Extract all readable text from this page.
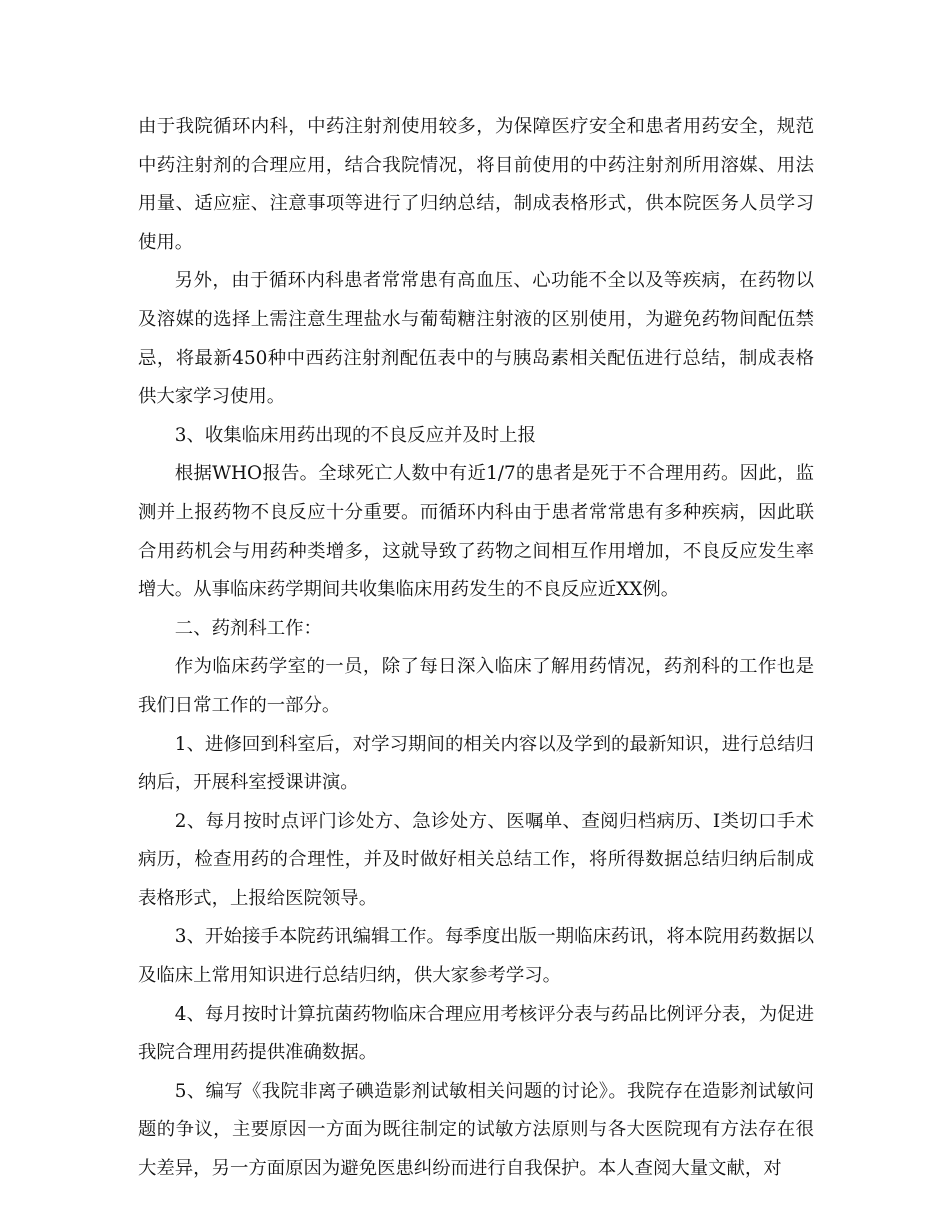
由于我院循环内科，中药注射剂使用较多，为保障医疗安全和患者用药安全，规范中药注射剂的合理应用，结合我院情况，将目前使用的中药注射剂所用溶媒、用法用量、适应症、注意事项等进行了归纳总结，制成表格形式，供本院医务人员学习使用。

另外，由于循环内科患者常常患有高血压、心功能不全以及等疾病，在药物以及溶媒的选择上需注意生理盐水与葡萄糖注射液的区别使用，为避免药物间配伍禁忌，将最新450种中西药注射剂配伍表中的与胰岛素相关配伍进行总结，制成表格供大家学习使用。

3、收集临床用药出现的不良反应并及时上报

根据WHO报告。全球死亡人数中有近1/7的患者是死于不合理用药。因此，监测并上报药物不良反应十分重要。而循环内科由于患者常常患有多种疾病，因此联合用药机会与用药种类增多，这就导致了药物之间相互作用增加，不良反应发生率增大。从事临床药学期间共收集临床用药发生的不良反应近XX例。

二、药剂科工作：

作为临床药学室的一员，除了每日深入临床了解用药情况，药剂科的工作也是我们日常工作的一部分。

1、进修回到科室后，对学习期间的相关内容以及学到的最新知识，进行总结归纳后，开展科室授课讲演。

2、每月按时点评门诊处方、急诊处方、医嘱单、查阅归档病历、Ⅰ类切口手术病历，检查用药的合理性，并及时做好相关总结工作，将所得数据总结归纳后制成表格形式，上报给医院领导。

3、开始接手本院药讯编辑工作。每季度出版一期临床药讯，将本院用药数据以及临床上常用知识进行总结归纳，供大家参考学习。

4、每月按时计算抗菌药物临床合理应用考核评分表与药品比例评分表，为促进我院合理用药提供准确数据。

5、编写《我院非离子碘造影剂试敏相关问题的讨论》。我院存在造影剂试敏问题的争议，主要原因一方面为既往制定的试敏方法原则与各大医院现有方法存在很大差异，另一方面原因为避免医患纠纷而进行自我保护。本人查阅大量文献，对
